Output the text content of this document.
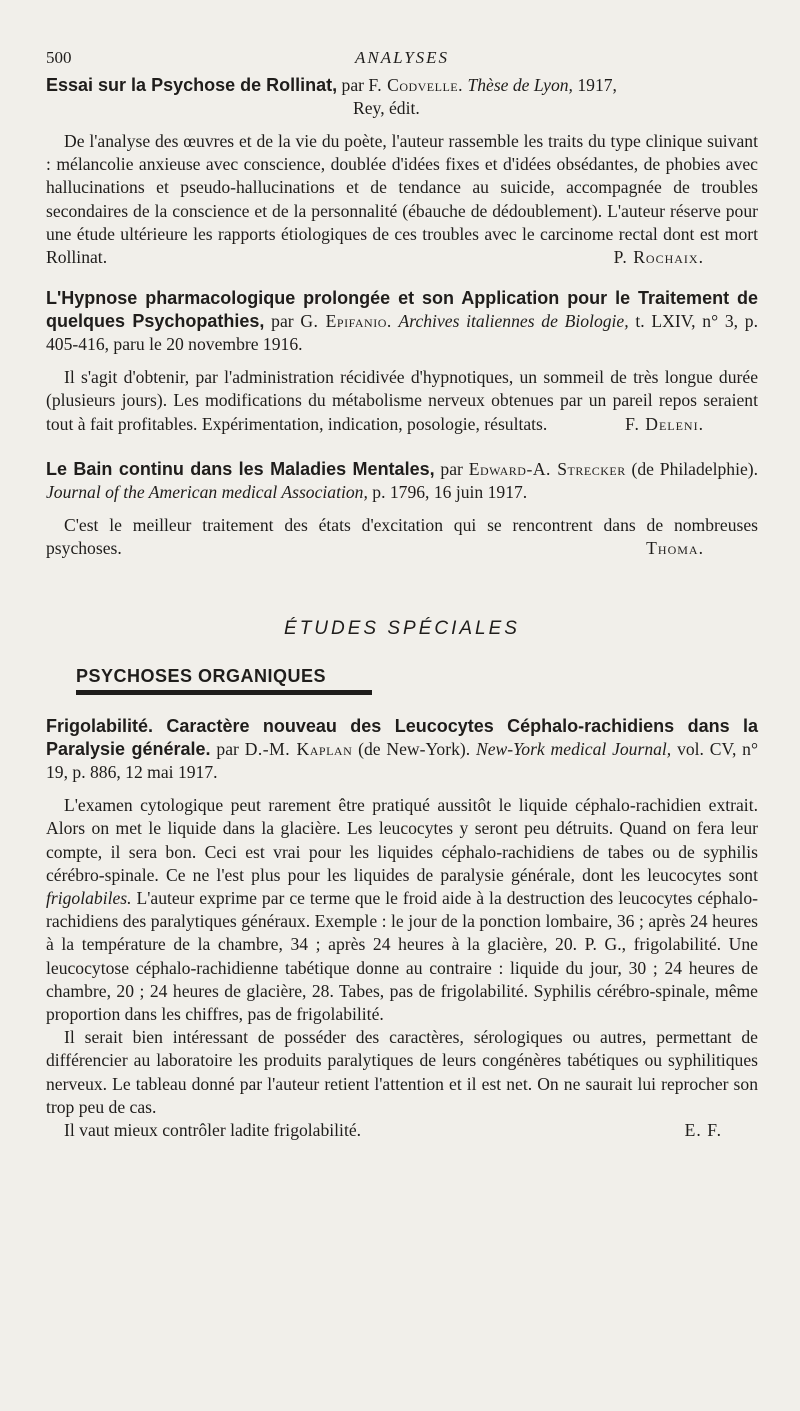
500	ANALYSES
Essai sur la Psychose de Rollinat, par F. Codvelle. Thèse de Lyon, 1917,
Rey, édit.

De l'analyse des œuvres et de la vie du poète, l'auteur rassemble les traits du type clinique suivant : mélancolie anxieuse avec conscience, doublée d'idées fixes et d'idées obsédantes, de phobies avec hallucinations et pseudo-hallucinations et de tendance au suicide, accompagnée de troubles secondaires de la conscience et de la personnalité (ébauche de dédoublement). L'auteur réserve pour une étude ultérieure les rapports étiologiques de ces troubles avec le carcinome rectal dont est mort Rollinat.	P. Rochaix.

L'Hypnose pharmacologique prolongée et son Application pour le Traitement de quelques Psychopathies, par G. Epifanio. Archives italiennes de Biologie, t. LXIV, n° 3, p. 405-416, paru le 20 novembre 1916.

Il s'agit d'obtenir, par l'administration récidivée d'hypnotiques, un sommeil de très longue durée (plusieurs jours). Les modifications du métabolisme nerveux obtenues par un pareil repos seraient tout à fait profitables. Expérimentation, indication, posologie, résultats.	F. Deleni.

Le Bain continu dans les Maladies Mentales, par Edward-A. Strecker (de Philadelphie). Journal of the American medical Association, p. 1796, 16 juin 1917.

C'est le meilleur traitement des états d'excitation qui se rencontrent dans de nombreuses psychoses.	Thoma.

ÉTUDES SPÉCIALES
PSYCHOSES ORGANIQUES
Frigolabilité. Caractère nouveau des Leucocytes Céphalo-rachidiens dans la Paralysie générale. par D.-M. Kaplan (de New-York). New-York medical Journal, vol. CV, n° 19, p. 886, 12 mai 1917.

L'examen cytologique peut rarement être pratiqué aussitôt le liquide céphalo-rachidien extrait. Alors on met le liquide dans la glacière. Les leucocytes y seront peu détruits. Quand on fera leur compte, il sera bon. Ceci est vrai pour les liquides céphalo-rachidiens de tabes ou de syphilis cérébro-spinale. Ce ne l'est plus pour les liquides de paralysie générale, dont les leucocytes sont frigolabiles. L'auteur exprime par ce terme que le froid aide à la destruction des leucocytes céphalo-rachidiens des paralytiques généraux. Exemple : le jour de la ponction lombaire, 36 ; après 24 heures à la température de la chambre, 34 ; après 24 heures à la glacière, 20. P. G., frigolabilité. Une leucocytose céphalo-rachidienne tabétique donne au contraire : liquide du jour, 30 ; 24 heures de chambre, 20 ; 24 heures de glacière, 28. Tabes, pas de frigolabilité. Syphilis cérébro-spinale, même proportion dans les chiffres, pas de frigolabilité.

Il serait bien intéressant de posséder des caractères, sérologiques ou autres, permettant de différencier au laboratoire les produits paralytiques de leurs congénères tabétiques ou syphilitiques nerveux. Le tableau donné par l'auteur retient l'attention et il est net. On ne saurait lui reprocher son trop peu de cas.

Il vaut mieux contrôler ladite frigolabilité.	E. F.
